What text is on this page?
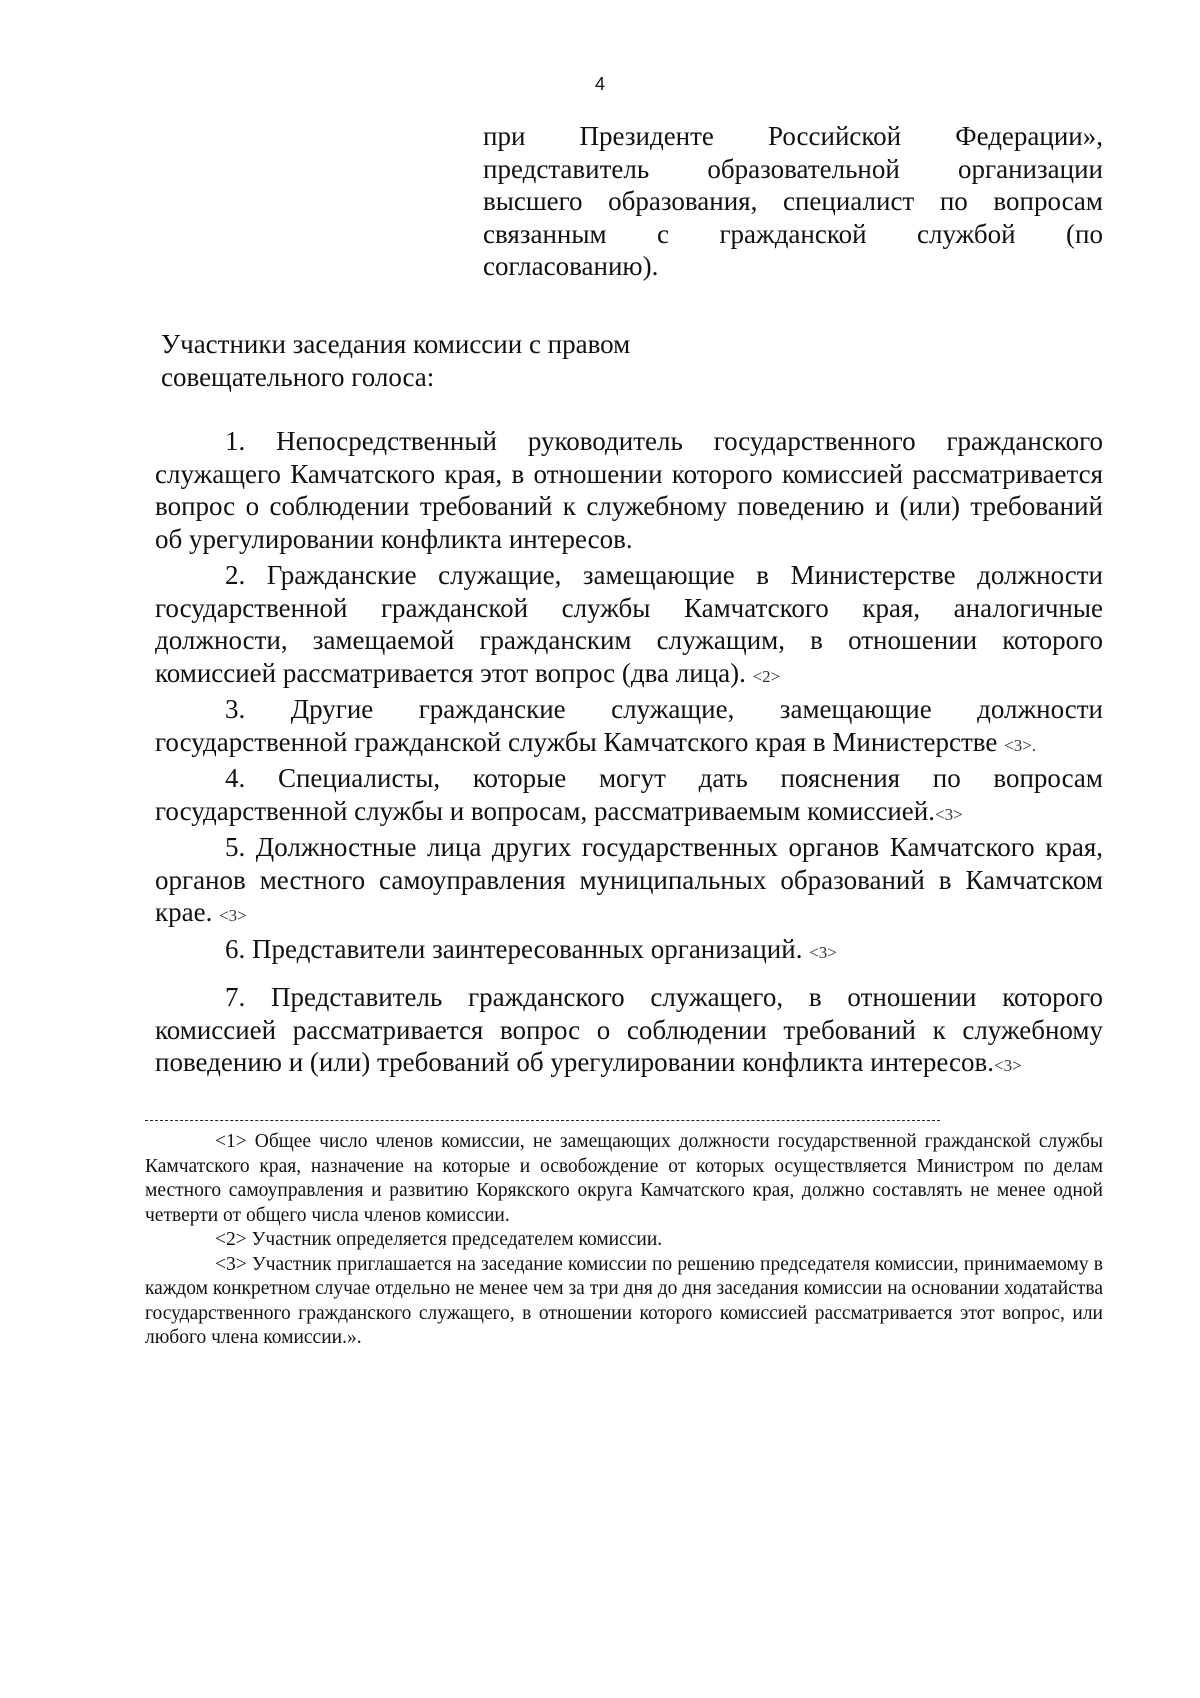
4

при Президенте Российской Федерации», представитель образовательной организации высшего образования, специалист по вопросам связанным с гражданской службой (по согласованию).

Участники заседания комиссии с правом
совещательного голоса:

1. Непосредственный руководитель государственного гражданского служащего Камчатского края, в отношении которого комиссией рассматривается вопрос о соблюдении требований к служебному поведению и (или) требований об урегулировании конфликта интересов.
2. Гражданские служащие, замещающие в Министерстве должности государственной гражданской службы Камчатского края, аналогичные должности, замещаемой гражданским служащим, в отношении которого комиссией рассматривается этот вопрос (два лица). <2>
3. Другие гражданские служащие, замещающие должности государственной гражданской службы Камчатского края в Министерстве <3>.
4. Специалисты, которые могут дать пояснения по вопросам государственной службы и вопросам, рассматриваемым комиссией.<3>
5. Должностные лица других государственных органов Камчатского края, органов местного самоуправления муниципальных образований в Камчатском крае. <3>
6. Представители заинтересованных организаций. <3>
7. Представитель гражданского служащего, в отношении которого комиссией рассматривается вопрос о соблюдении требований к служебному поведению и (или) требований об урегулировании конфликта интересов.<3>
<1> Общее число членов комиссии, не замещающих должности государственной гражданской службы Камчатского края, назначение на которые и освобождение от которых осуществляется Министром по делам местного самоуправления и развитию Корякского округа Камчатского края, должно составлять не менее одной четверти от общего числа членов комиссии.
<2> Участник определяется председателем комиссии.
<3> Участник приглашается на заседание комиссии по решению председателя комиссии, принимаемому в каждом конкретном случае отдельно не менее чем за три дня до дня заседания комиссии на основании ходатайства государственного гражданского служащего, в отношении которого комиссией рассматривается этот вопрос, или любого члена комиссии.».
